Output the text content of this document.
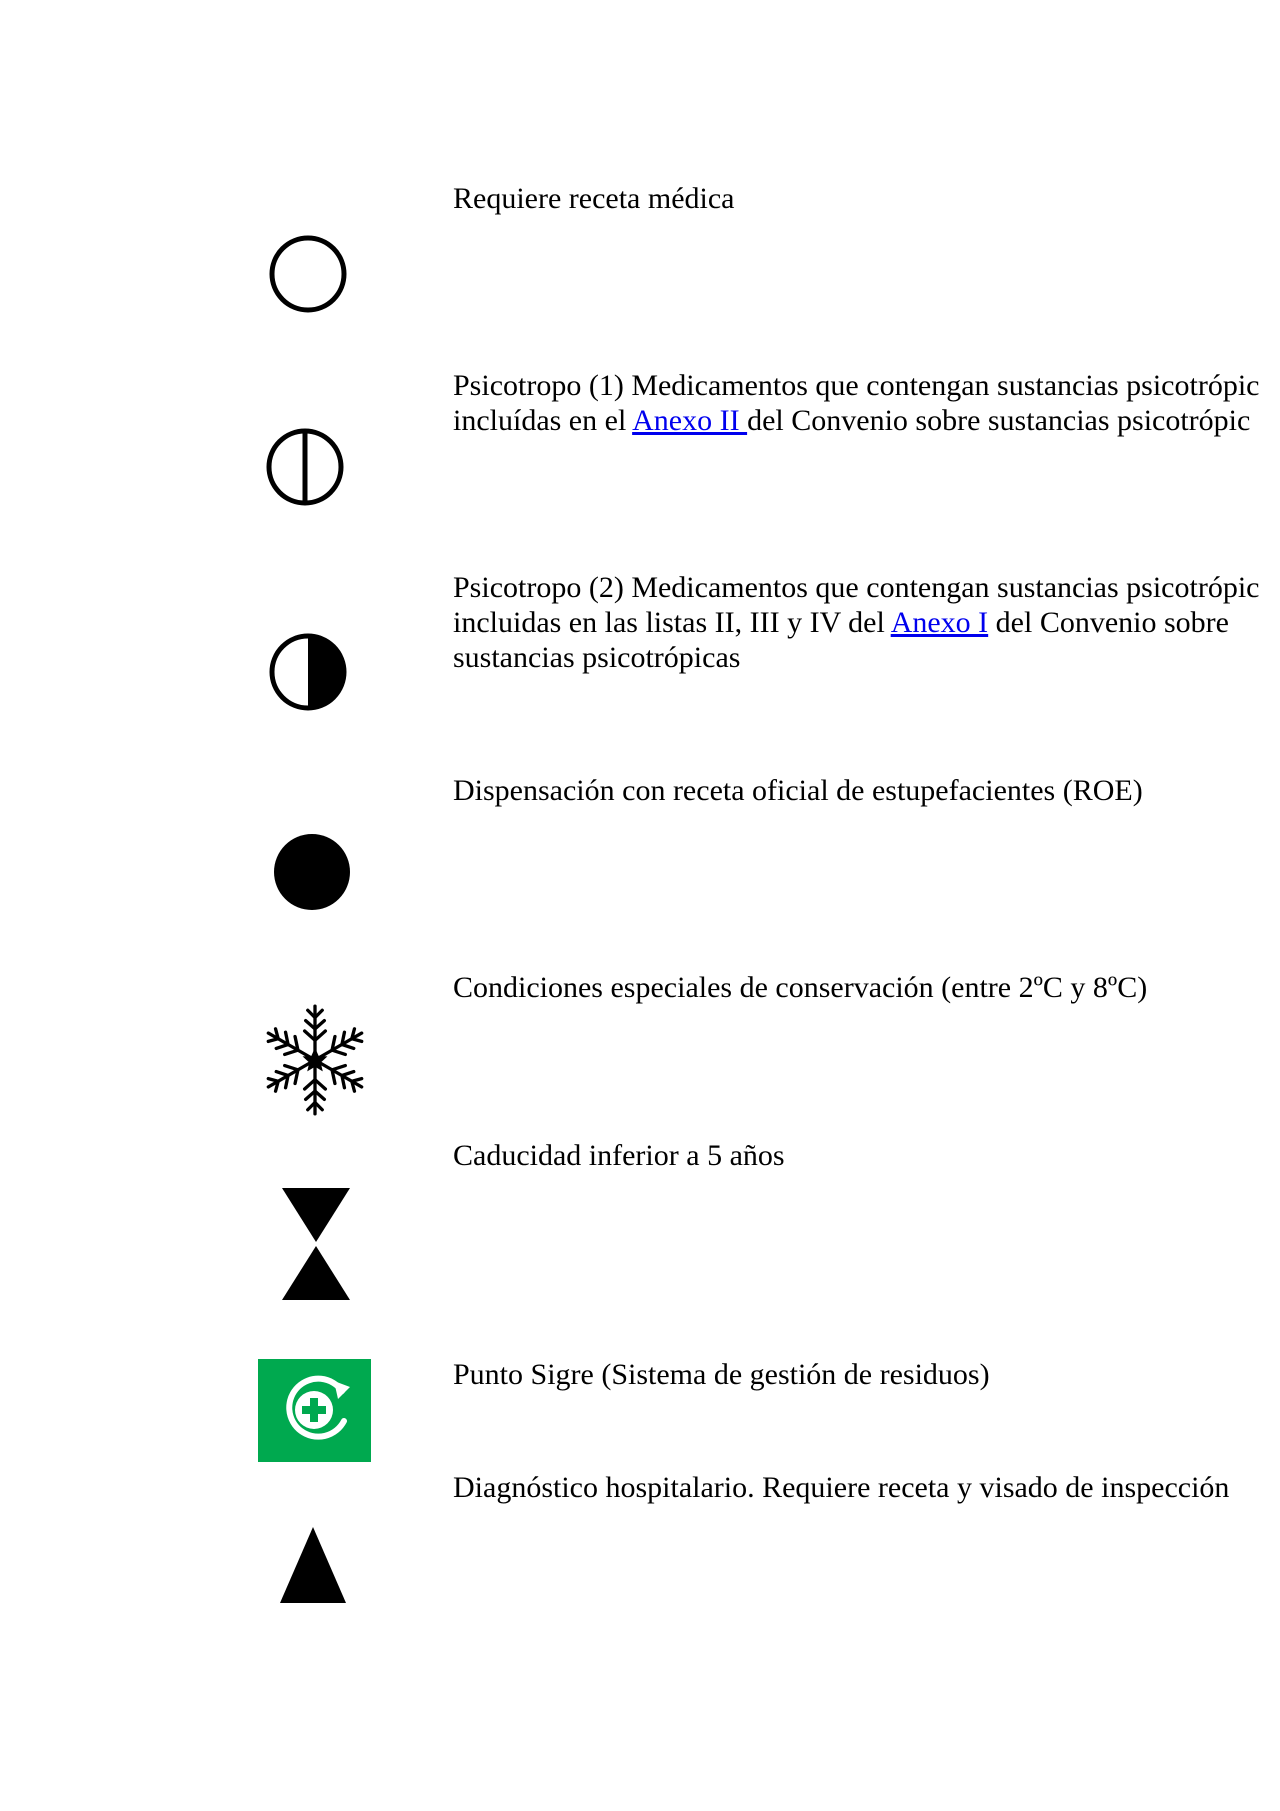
Requiere receta médica

Psicotropo (1) Medicamentos que contengan sustancias psicotrópic
incluídas en el Anexo II del Convenio sobre sustancias psicotrópic

Psicotropo (2) Medicamentos que contengan sustancias psicotrópic
incluidas en las listas II, III y IV del Anexo I del Convenio sobre
sustancias psicotrópicas

Dispensación con receta oficial de estupefacientes (ROE)

Condiciones especiales de conservación (entre 2ºC y 8ºC)

Caducidad inferior a 5 años

Punto Sigre (Sistema de gestión de residuos)

Diagnóstico hospitalario. Requiere receta y visado de inspección
